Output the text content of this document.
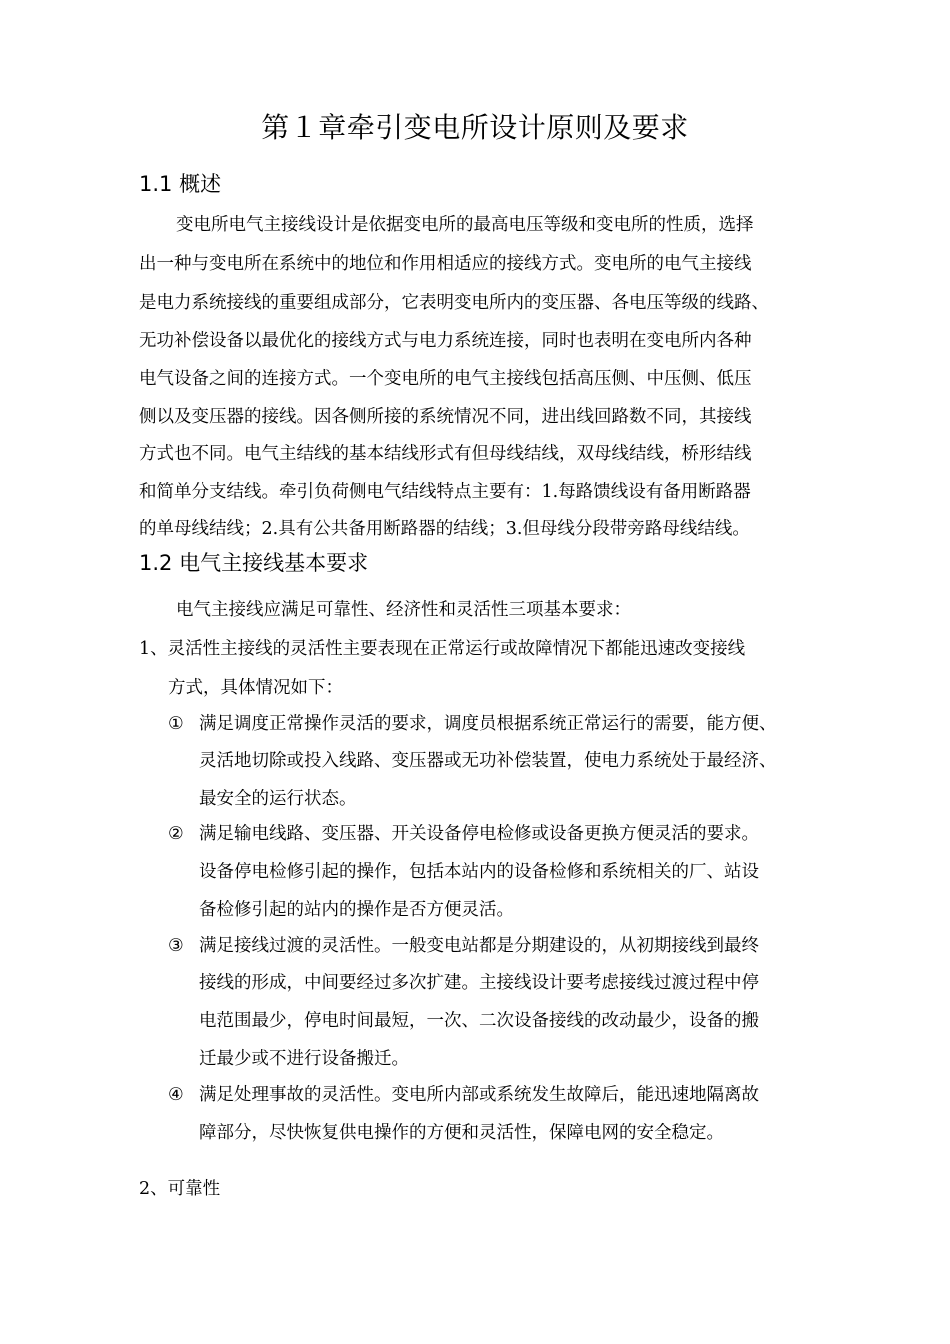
第１章牵引变电所设计原则及要求
1.1 概述
变电所电气主接线设计是依据变电所的最高电压等级和变电所的性质，选择
出一种与变电所在系统中的地位和作用相适应的接线方式。变电所的电气主接线
是电力系统接线的重要组成部分，它表明变电所内的变压器、各电压等级的线路、
无功补偿设备以最优化的接线方式与电力系统连接，同时也表明在变电所内各种
电气设备之间的连接方式。一个变电所的电气主接线包括高压侧、中压侧、低压
侧以及变压器的接线。因各侧所接的系统情况不同，进出线回路数不同，其接线
方式也不同。电气主结线的基本结线形式有但母线结线，双母线结线，桥形结线
和简单分支结线。牵引负荷侧电气结线特点主要有：1.每路馈线设有备用断路器
的单母线结线；2.具有公共备用断路器的结线；3.但母线分段带旁路母线结线。
1.2 电气主接线基本要求
电气主接线应满足可靠性、经济性和灵活性三项基本要求：
1、灵活性主接线的灵活性主要表现在正常运行或故障情况下都能迅速改变接线
方式，具体情况如下：
① 满足调度正常操作灵活的要求，调度员根据系统正常运行的需要，能方便、
灵活地切除或投入线路、变压器或无功补偿装置，使电力系统处于最经济、
最安全的运行状态。
② 满足输电线路、变压器、开关设备停电检修或设备更换方便灵活的要求。
设备停电检修引起的操作，包括本站内的设备检修和系统相关的厂、站设
备检修引起的站内的操作是否方便灵活。
③ 满足接线过渡的灵活性。一般变电站都是分期建设的，从初期接线到最终
接线的形成，中间要经过多次扩建。主接线设计要考虑接线过渡过程中停
电范围最少，停电时间最短，一次、二次设备接线的改动最少，设备的搬
迁最少或不进行设备搬迁。
④ 满足处理事故的灵活性。变电所内部或系统发生故障后，能迅速地隔离故
障部分，尽快恢复供电操作的方便和灵活性，保障电网的安全稳定。
2、可靠性
